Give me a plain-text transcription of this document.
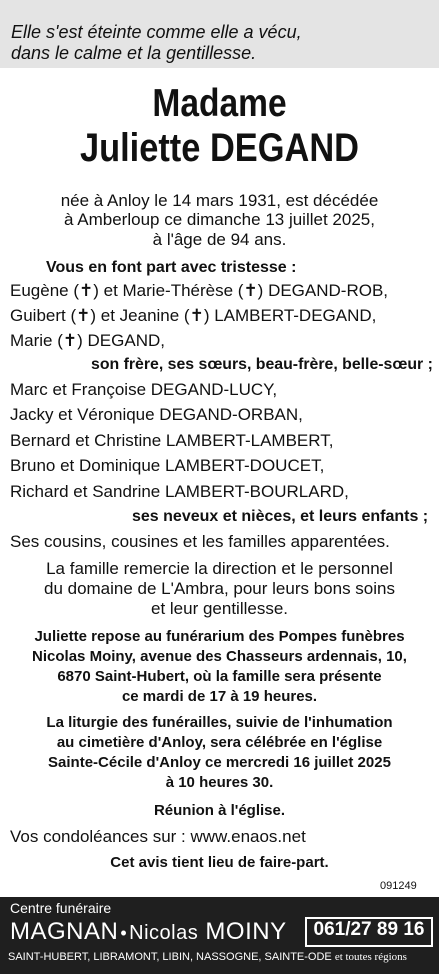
Elle s'est éteinte comme elle a vécu,
dans le calme et la gentillesse.

Madame
Juliette DEGAND
née à Anloy le 14 mars 1931, est décédée
à Amberloup ce dimanche 13 juillet 2025,
à l'âge de 94 ans.
Vous en font part avec tristesse :
Eugène (✝) et Marie-Thérèse (✝) DEGAND-ROB,
Guibert (✝) et Jeanine (✝) LAMBERT-DEGAND,
Marie (✝) DEGAND,
son frère, ses sœurs, beau-frère, belle-sœur ;
Marc et Françoise DEGAND-LUCY,
Jacky et Véronique DEGAND-ORBAN,
Bernard et Christine LAMBERT-LAMBERT,
Bruno et Dominique LAMBERT-DOUCET,
Richard et Sandrine LAMBERT-BOURLARD,
ses neveux et nièces, et leurs enfants ;
Ses cousins, cousines et les familles apparentées.
La famille remercie la direction et le personnel
du domaine de L'Ambra, pour leurs bons soins
et leur gentillesse.
Juliette repose au funérarium des Pompes funèbres
Nicolas Moiny, avenue des Chasseurs ardennais, 10,
6870 Saint-Hubert, où la famille sera présente
ce mardi de 17 à 19 heures.
La liturgie des funérailles, suivie de l'inhumation
au cimetière d'Anloy, sera célébrée en l'église
Sainte-Cécile d'Anloy ce mercredi 16 juillet 2025
à 10 heures 30.
Réunion à l'église.
Vos condoléances sur : www.enaos.net
Cet avis tient lieu de faire-part.
091249
Centre funéraire
MAGNAN • Nicolas MOINY	061/27 89 16
SAINT-HUBERT, LIBRAMONT, LIBIN, NASSOGNE, SAINTE-ODE et toutes régions
